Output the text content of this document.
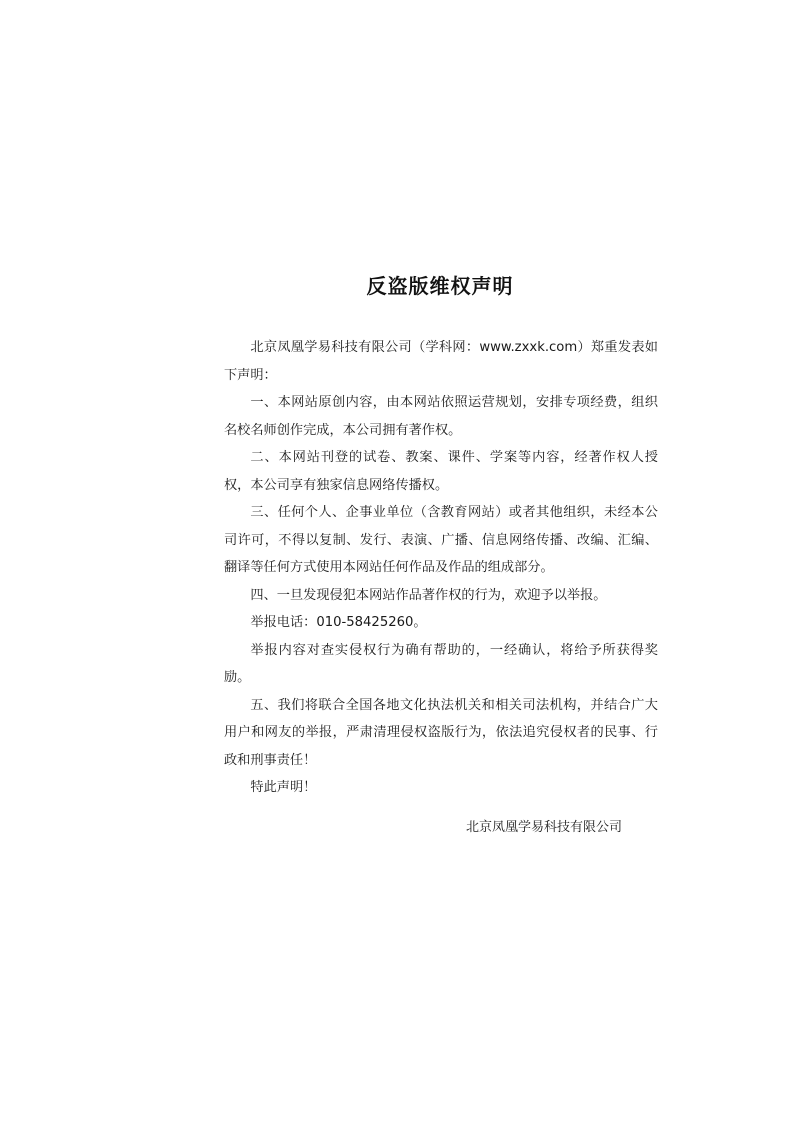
反盗版维权声明

北京凤凰学易科技有限公司（学科网：www.zxxk.com）郑重发表如下声明：

一、本网站原创内容，由本网站依照运营规划，安排专项经费，组织名校名师创作完成，本公司拥有著作权。

二、本网站刊登的试卷、教案、课件、学案等内容，经著作权人授权，本公司享有独家信息网络传播权。

三、任何个人、企事业单位（含教育网站）或者其他组织，未经本公司许可，不得以复制、发行、表演、广播、信息网络传播、改编、汇编、翻译等任何方式使用本网站任何作品及作品的组成部分。

四、一旦发现侵犯本网站作品著作权的行为，欢迎予以举报。

举报电话：010-58425260。

举报内容对查实侵权行为确有帮助的，一经确认，将给予所获得奖励。

五、我们将联合全国各地文化执法机关和相关司法机构，并结合广大用户和网友的举报，严肃清理侵权盗版行为，依法追究侵权者的民事、行政和刑事责任！

特此声明！

北京凤凰学易科技有限公司
